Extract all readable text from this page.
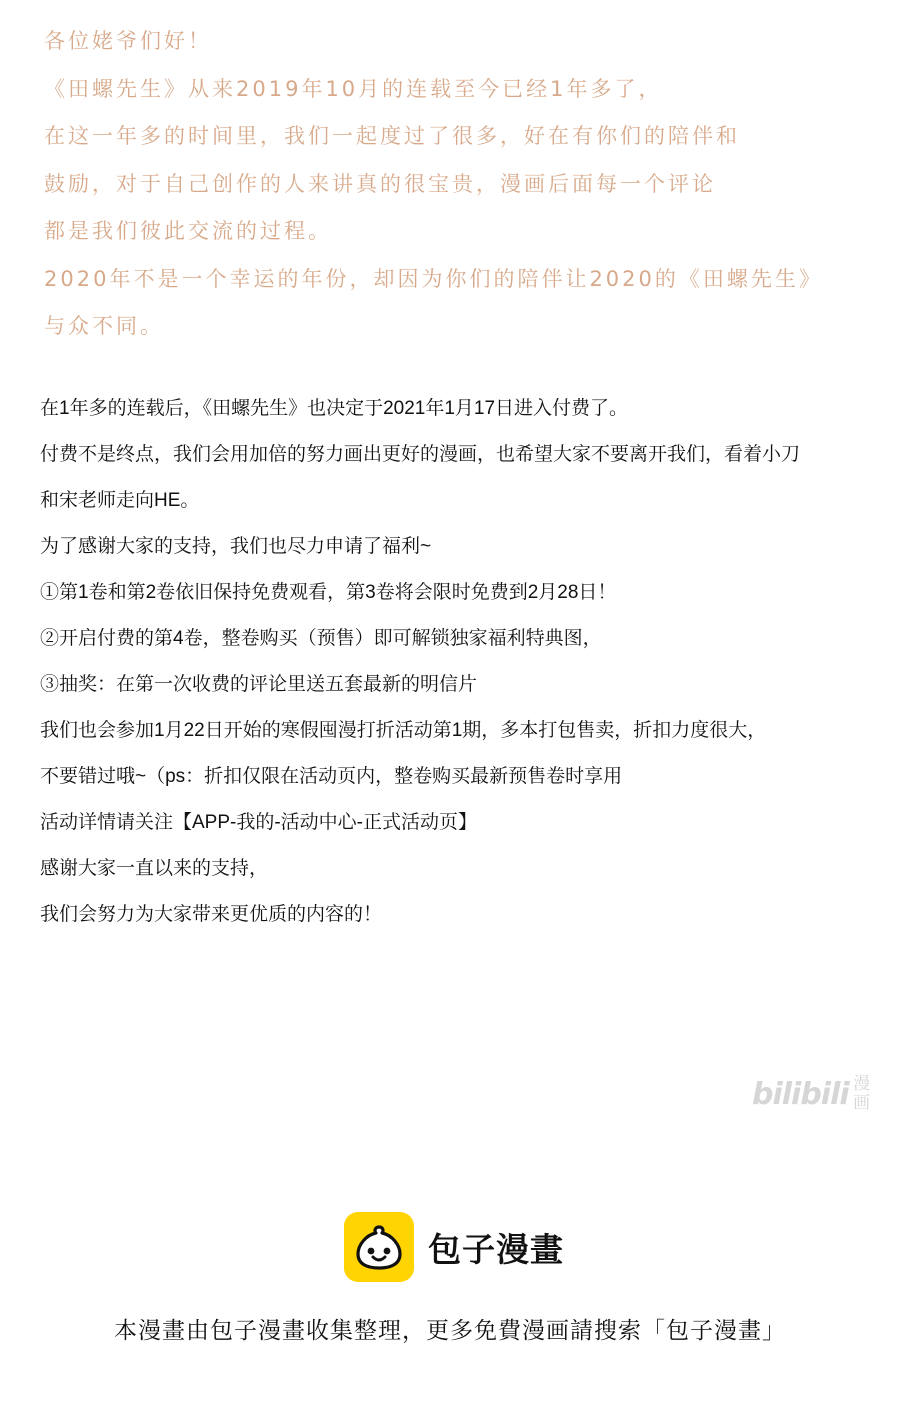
各位姥爷们好！
《田螺先生》从来2019年10月的连载至今已经1年多了，
在这一年多的时间里，我们一起度过了很多，好在有你们的陪伴和
鼓励，对于自己创作的人来讲真的很宝贵，漫画后面每一个评论
都是我们彼此交流的过程。
2020年不是一个幸运的年份，却因为你们的陪伴让2020的《田螺先生》
与众不同。
在1年多的连载后，《田螺先生》也决定于2021年1月17日进入付费了。
付费不是终点，我们会用加倍的努力画出更好的漫画，也希望大家不要离开我们，看着小刀
和宋老师走向HE。
为了感谢大家的支持，我们也尽力申请了福利~
①第1卷和第2卷依旧保持免费观看，第3卷将会限时免费到2月28日！
②开启付费的第4卷，整卷购买（预售）即可解锁独家福利特典图，
③抽奖：在第一次收费的评论里送五套最新的明信片
我们也会参加1月22日开始的寒假囤漫打折活动第1期，多本打包售卖，折扣力度很大，
不要错过哦~（ps：折扣仅限在活动页内，整卷购买最新预售卷时享用
活动详情请关注【APP-我的-活动中心-正式活动页】
感谢大家一直以来的支持，
我们会努力为大家带来更优质的内容的！
bilibili 漫画
包子漫畫
本漫畫由包子漫畫收集整理，更多免費漫画請搜索「包子漫畫」
